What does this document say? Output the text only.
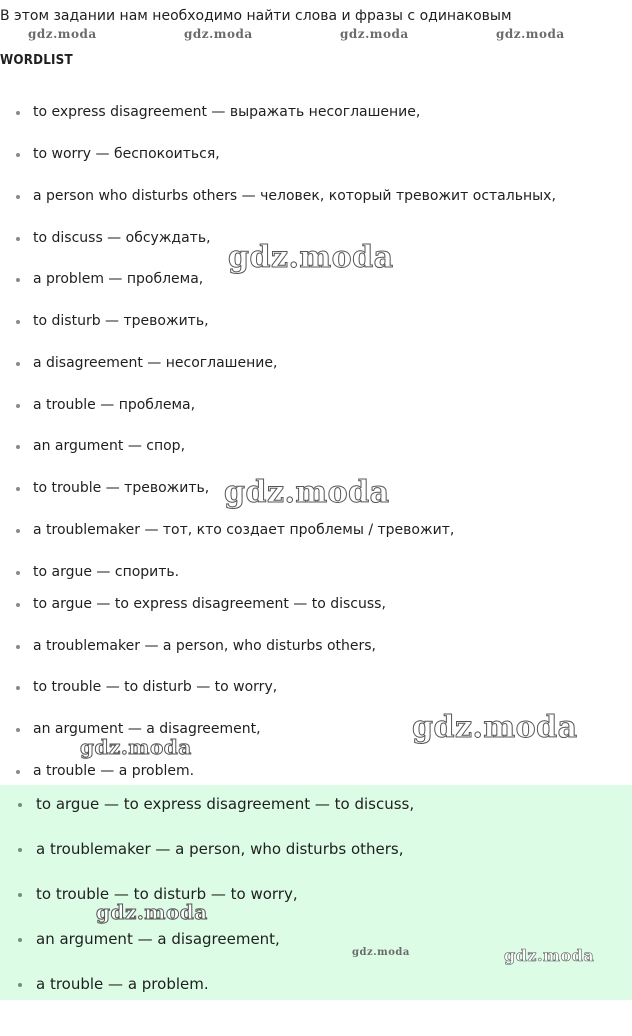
В этом задании нам необходимо найти слова и фразы с одинаковым
WORDLIST
to express disagreement — выражать несоглашение,
to worry — беспокоиться,
a person who disturbs others — человек, который тревожит остальных,
to discuss — обсуждать,
a problem — проблема,
to disturb — тревожить,
a disagreement — несоглашение,
a trouble — проблема,
an argument — спор,
to trouble — тревожить,
a troublemaker — тот, кто создает проблемы / тревожит,
to argue — спорить.
to argue — to express disagreement — to discuss,
a troublemaker — a person, who disturbs others,
to trouble — to disturb — to worry,
an argument — a disagreement,
a trouble — a problem.
to argue — to express disagreement — to discuss,
a troublemaker — a person, who disturbs others,
to trouble — to disturb — to worry,
an argument — a disagreement,
a trouble — a problem.
gdz.moda	gdz.moda	gdz.moda	gdz.moda
gdz.moda
gdz.moda
gdz.moda
gdz.moda
gdz.moda
gdz.moda	gdz.moda
